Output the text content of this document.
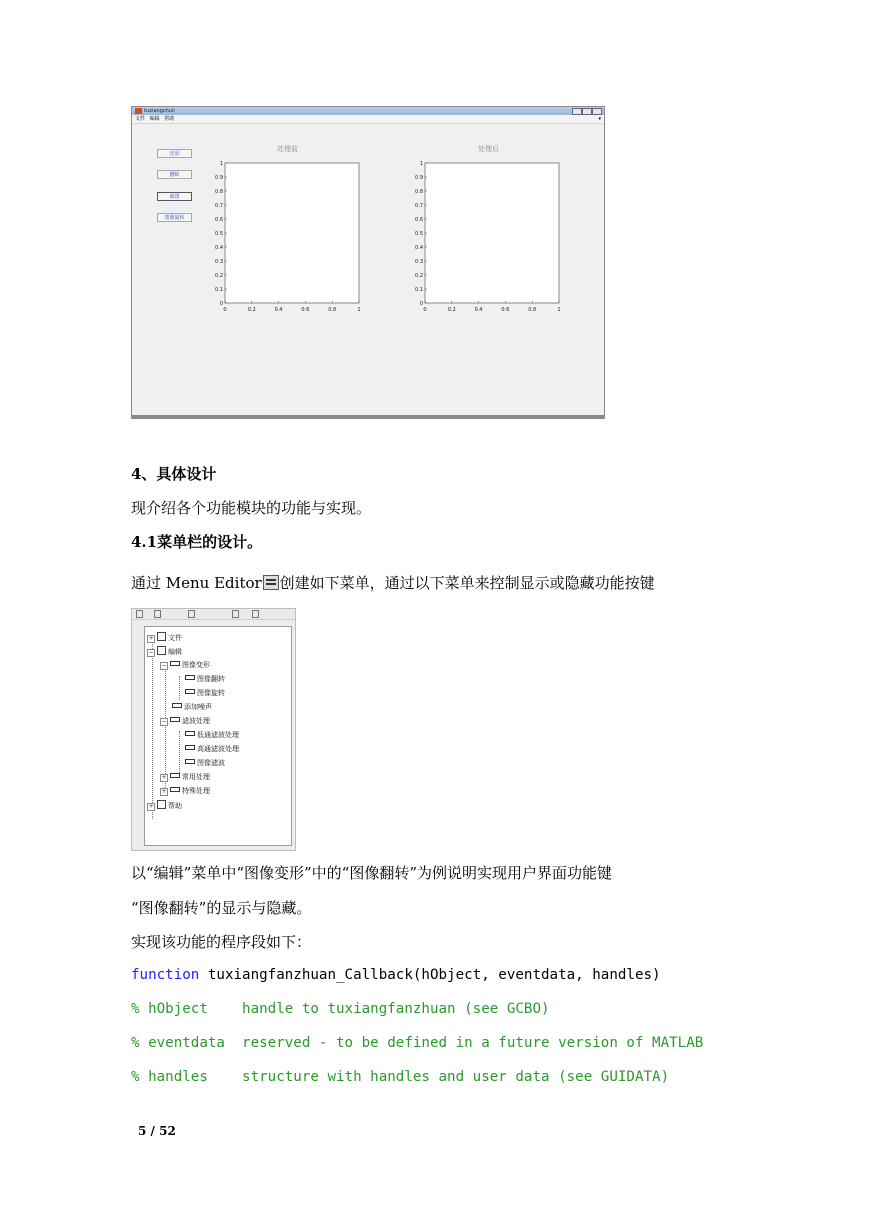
tuxiangchuli
文件 编辑 帮助	▾
还原
删除
截图
图像旋转
处理前	处理后
0
0.1
0.2
0.3
0.4
0.5
0.6
0.7
0.8
0.9
1
0	0.2	0.4	0.6	0.8	1
0
0.1
0.2
0.3
0.4
0.5
0.6
0.7
0.8
0.9
1
0	0.2	0.4	0.6	0.8	1
4、具体设计
现介绍各个功能模块的功能与实现。
4.1菜单栏的设计。
通过 Menu Editor 创建如下菜单，通过以下菜单来控制显示或隐藏功能按键
+ 文件
− 编辑
− 图像变形
图像翻转
图像旋转
添加噪声
− 滤波处理
低通滤波处理
高通滤波处理
图像滤波
+ 常用处理
+ 特殊处理
+ 帮助
以“编辑”菜单中“图像变形”中的“图像翻转”为例说明实现用户界面功能键
“图像翻转”的显示与隐藏。
实现该功能的程序段如下：
function tuxiangfanzhuan_Callback(hObject, eventdata, handles)
% hObject    handle to tuxiangfanzhuan (see GCBO)
% eventdata  reserved - to be defined in a future version of MATLAB
% handles    structure with handles and user data (see GUIDATA)
5 / 52
